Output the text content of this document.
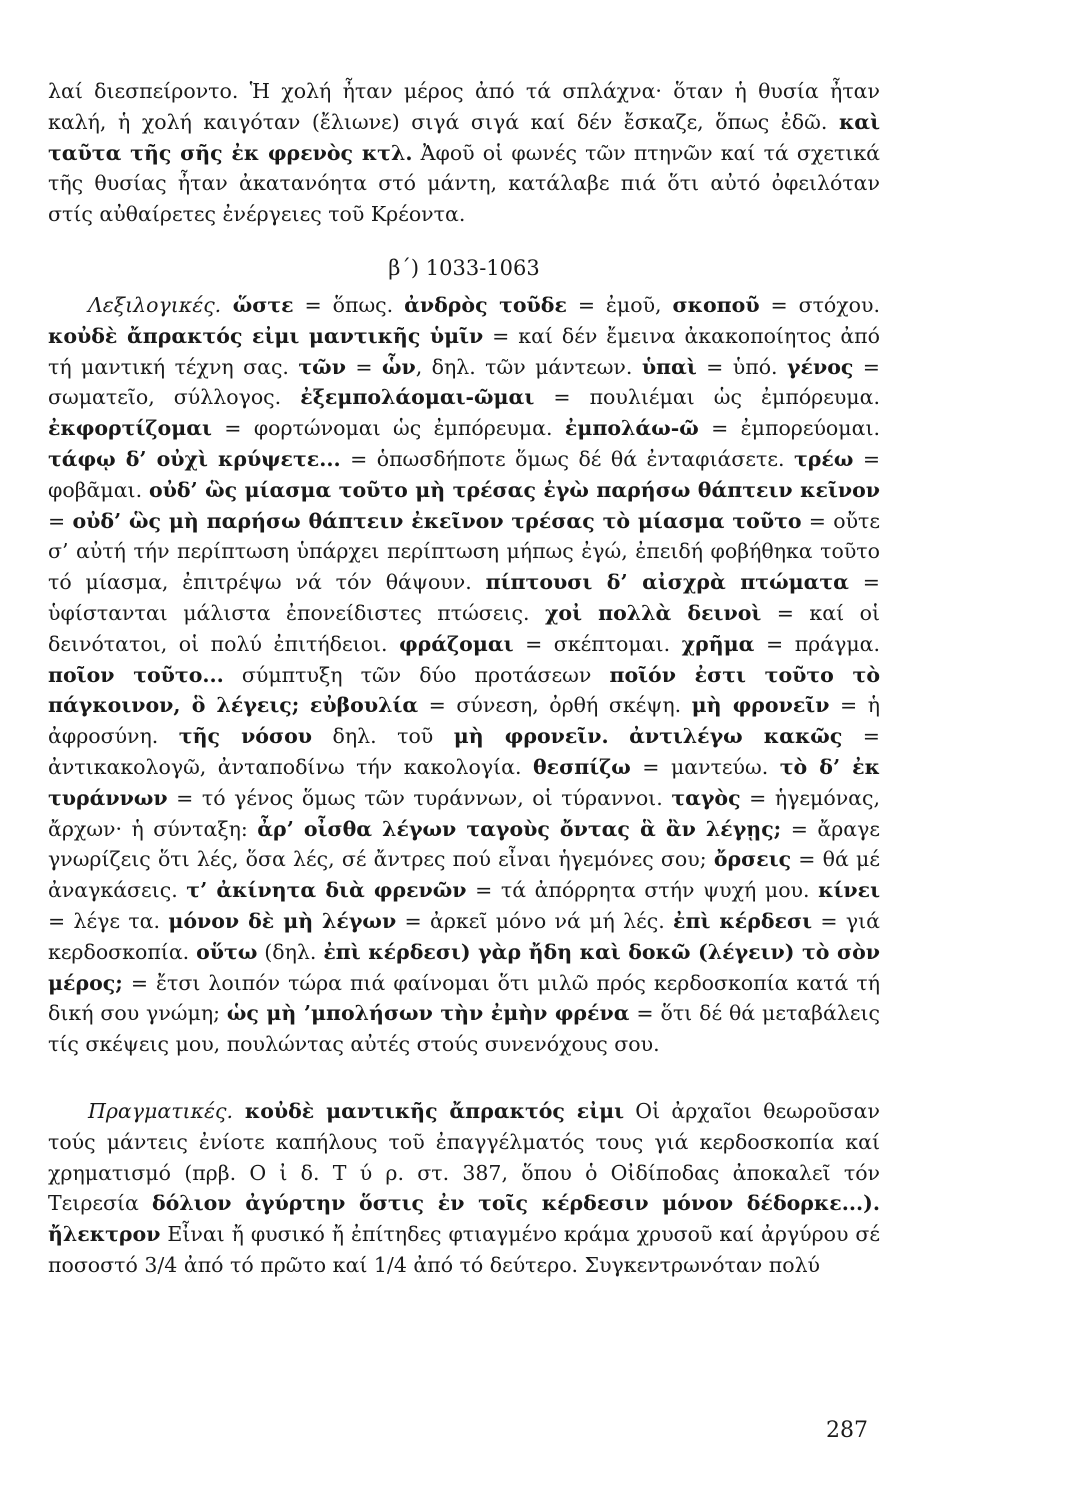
λαί διεσπείροντο. Ἡ χολή ἦταν μέρος ἀπό τά σπλάχνα· ὅταν ἡ θυσία ἦταν καλή, ἡ χολή καιγόταν (ἔλιωνε) σιγά σιγά καί δέν ἔσκαζε, ὅπως ἐδῶ. καὶ ταῦτα τῆς σῆς ἐκ φρενὸς κτλ. Ἀφοῦ οἱ φωνές τῶν πτηνῶν καί τά σχετικά τῆς θυσίας ἦταν ἀκατανόητα στό μάντη, κατάλαβε πιά ὅτι αὐτό ὀφειλόταν στίς αὐθαίρετες ἐνέργειες τοῦ Κρέοντα.

β΄) 1033-1063

Λεξιλογικές. ὥστε = ὅπως. ἀνδρὸς τοῦδε = ἐμοῦ, σκοποῦ = στόχου. κοὐδὲ ἄπρακτός εἰμι μαντικῆς ὑμῖν = καί δέν ἔμεινα ἀκακοποίητος ἀπό τή μαντική τέχνη σας. τῶν = ὧν, δηλ. τῶν μάντεων. ὑπαὶ = ὑπό. γένος = σωματεῖο, σύλλογος. ἐξεμπολάομαι-ῶμαι = πουλιέμαι ὡς ἐμπόρευμα. ἐκφορτίζομαι = φορτώνομαι ὡς ἐμπόρευμα. ἐμπολάω-ῶ = ἐμπορεύομαι. τάφῳ δ’ οὐχὶ κρύψετε... = ὁπωσδήποτε ὅμως δέ θά ἐνταφιάσετε. τρέω = φοβᾶμαι. οὐδ’ ὣς μίασμα τοῦτο μὴ τρέσας ἐγὼ παρήσω θάπτειν κεῖνον = οὐδ’ ὣς μὴ παρήσω θάπτειν ἐκεῖνον τρέσας τὸ μίασμα τοῦτο = οὔτε σ’ αὐτή τήν περίπτωση ὑπάρχει περίπτωση μήπως ἐγώ, ἐπειδή φοβήθηκα τοῦτο τό μίασμα, ἐπιτρέψω νά τόν θάψουν. πίπτουσι δ’ αἰσχρὰ πτώματα = ὑφίστανται μάλιστα ἐπονείδιστες πτώσεις. χοἰ πολλὰ δεινοὶ = καί οἱ δεινότατοι, οἱ πολύ ἐπιτήδειοι. φράζομαι = σκέπτομαι. χρῆμα = πράγμα. ποῖον τοῦτο... σύμπτυξη τῶν δύο προτάσεων ποῖόν ἐστι τοῦτο τὸ πάγκοινον, ὃ λέγεις; εὐβουλία = σύνεση, ὀρθή σκέψη. μὴ φρονεῖν = ἡ ἀφροσύνη. τῆς νόσου δηλ. τοῦ μὴ φρονεῖν. ἀντιλέγω κακῶς = ἀντικακολογῶ, ἀνταποδίνω τήν κακολογία. θεσπίζω = μαντεύω. τὸ δ’ ἐκ τυράννων = τό γένος ὅμως τῶν τυράννων, οἱ τύραννοι. ταγὸς = ἡγεμόνας, ἄρχων· ἡ σύνταξη: ἆρ’ οἶσθα λέγων ταγοὺς ὄντας ἃ ἂν λέγῃς; = ἄραγε γνωρίζεις ὅτι λές, ὅσα λές, σέ ἄντρες πού εἶναι ἡγεμόνες σου; ὄρσεις = θά μέ ἀναγκάσεις. τ’ ἀκίνητα διὰ φρενῶν = τά ἀπόρρητα στήν ψυχή μου. κίνει = λέγε τα. μόνον δὲ μὴ λέγων = ἀρκεῖ μόνο νά μή λές. ἐπὶ κέρδεσι = γιά κερδοσκοπία. οὕτω (δηλ. ἐπὶ κέρδεσι) γὰρ ἤδη καὶ δοκῶ (λέγειν) τὸ σὸν μέρος; = ἔτσι λοιπόν τώρα πιά φαίνομαι ὅτι μιλῶ πρός κερδοσκοπία κατά τή δική σου γνώμη; ὡς μὴ ’μπολήσων τὴν ἐμὴν φρένα = ὅτι δέ θά μεταβάλεις τίς σκέψεις μου, πουλώντας αὐτές στούς συνενόχους σου.

Πραγματικές. κοὐδὲ μαντικῆς ἄπρακτός εἰμι Οἱ ἀρχαῖοι θεωροῦσαν τούς μάντεις ἐνίοτε καπήλους τοῦ ἐπαγγέλματός τους γιά κερδοσκοπία καί χρηματισμό (πρβ. Ο ἰ δ. Τ ύ ρ. στ. 387, ὅπου ὁ Οἰδίποδας ἀποκαλεῖ τόν Τειρεσία δόλιον ἀγύρτην ὅστις ἐν τοῖς κέρδεσιν μόνον δέδορκε...). ἤλεκτρον Εἶναι ἤ φυσικό ἤ ἐπίτηδες φτιαγμένο κράμα χρυσοῦ καί ἀργύρου σέ ποσοστό 3/4 ἀπό τό πρῶτο καί 1/4 ἀπό τό δεύτερο. Συγκεντρωνόταν πολύ

287
